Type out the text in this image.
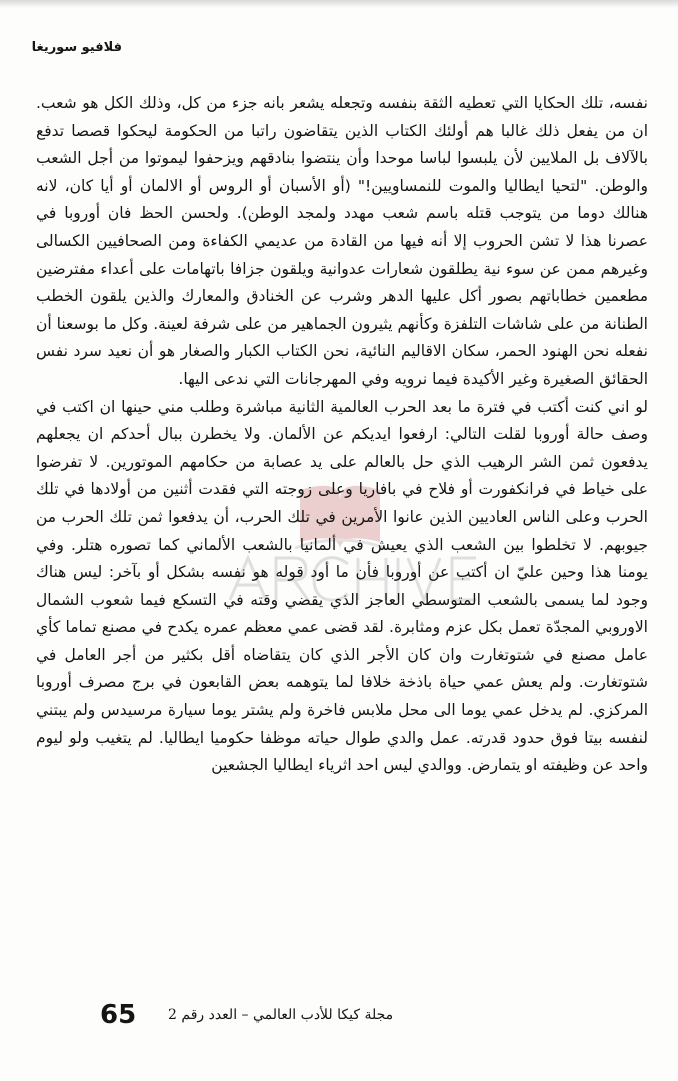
فلافيو سوريغا

نفسه، تلك الحكايا التي تعطيه الثقة بنفسه وتجعله يشعر بانه جزء من كل، وذلك الكل هو شعب. ان من يفعل ذلك غالبا هم أولئك الكتاب الذين يتقاضون راتبا من الحكومة ليحكوا قصصا تدفع بالآلاف بل الملايين لأن يلبسوا لباسا موحدا وأن ينتضوا بنادقهم ويزحفوا ليموتوا من أجل الشعب والوطن. "لتحيا ايطاليا والموت للنمساويين!" (أو الأسبان أو الروس أو الالمان أو أيا كان، لانه هنالك دوما من يتوجب قتله باسم شعب مهدد ولمجد الوطن). ولحسن الحظ فان أوروبا في عصرنا هذا لا تشن الحروب إلا أنه فيها من القادة من عديمي الكفاءة ومن الصحافيين الكسالى وغيرهم ممن عن سوء نية يطلقون شعارات عدوانية ويلقون جزافا باتهامات على أعداء مفترضين مطعمين خطاباتهم بصور أكل عليها الدهر وشرب عن الخنادق والمعارك والذين يلقون الخطب الطنانة من على شاشات التلفزة وكأنهم يثيرون الجماهير من على شرفة لعينة. وكل ما بوسعنا أن نفعله نحن الهنود الحمر، سكان الاقاليم النائية، نحن الكتاب الكبار والصغار هو أن نعيد سرد نفس الحقائق الصغيرة وغير الأكيدة فيما نرويه وفي المهرجانات التي ندعى اليها.

لو اني كنت أكتب في فترة ما بعد الحرب العالمية الثانية مباشرة وطلب مني حينها ان اكتب في وصف حالة أوروبا لقلت التالي: ارفعوا ايديكم عن الألمان. ولا يخطرن ببال أحدكم ان يجعلهم يدفعون ثمن الشر الرهيب الذي حل بالعالم على يد عصابة من حكامهم الموتورين. لا تفرضوا على خياط في فرانكفورت أو فلاح في بافاريا وعلى زوجته التي فقدت أثنين من أولادها في تلك الحرب وعلى الناس العاديين الذين عانوا الأمرين في تلك الحرب، أن يدفعوا ثمن تلك الحرب من جيوبهم. لا تخلطوا بين الشعب الذي يعيش في ألمانيا بالشعب الألماني كما تصوره هتلر. وفي يومنا هذا وحين عليّ ان أكتب عن أوروبا فأن ما أود قوله هو نفسه بشكل أو بآخر: ليس هناك وجود لما يسمى بالشعب المتوسطي العاجز الذي يقضي وقته في التسكع فيما شعوب الشمال الاوروبي المجدّة تعمل بكل عزم ومثابرة. لقد قضى عمي معظم عمره يكدح في مصنع تماما كأي عامل مصنع في شتوتغارت وان كان الأجر الذي كان يتقاضاه أقل بكثير من أجر العامل في شتوتغارت. ولم يعش عمي حياة باذخة خلافا لما يتوهمه بعض القابعون في برج مصرف أوروبا المركزي. لم يدخل عمي يوما الى محل ملابس فاخرة ولم يشتر يوما سيارة مرسيدس ولم يبتني لنفسه بيتا فوق حدود قدرته. عمل والدي طوال حياته موظفا حكوميا ايطاليا. لم يتغيب ولو ليوم واحد عن وظيفته او يتمارض. ووالدي ليس احد اثرياء ايطاليا الجشعين

65 مجلة كيكا للأدب العالمي – العدد رقم 2
